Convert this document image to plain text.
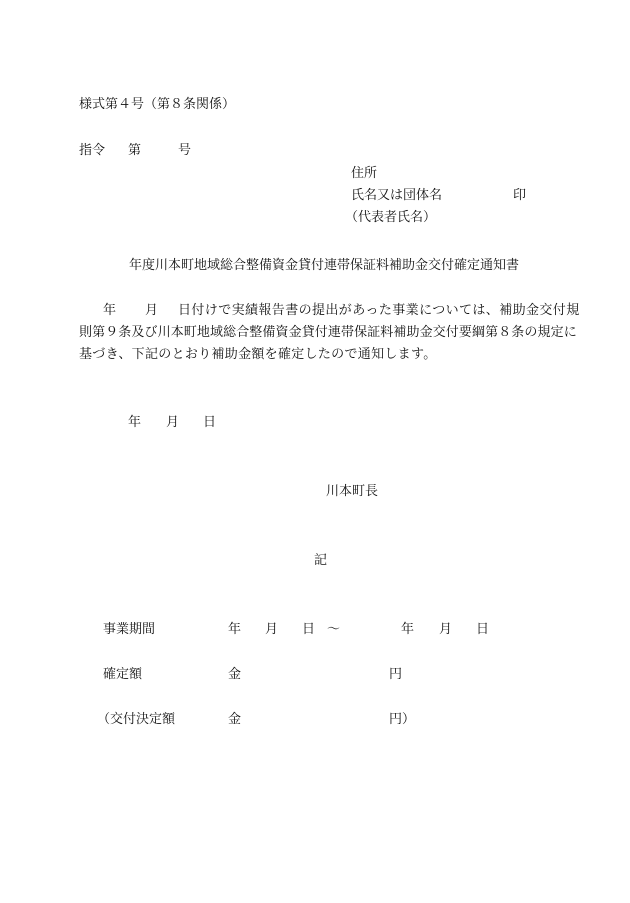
様式第４号（第８条関係）
指令 第	号
住所
氏名又は団体名	印
（代表者氏名）
年度川本町地域総合整備資金貸付連帯保証料補助金交付確定通知書
年 月 日付けで実績報告書の提出があった事業については、補助金交付規
則第９条及び川本町地域総合整備資金貸付連帯保証料補助金交付要綱第８条の規定に
基づき、下記のとおり補助金額を確定したので通知します。
年 月 日
川本町長
記
事業期間	年 月 日 ～	年 月 日
確定額	金	円
（交付決定額	金	円）
